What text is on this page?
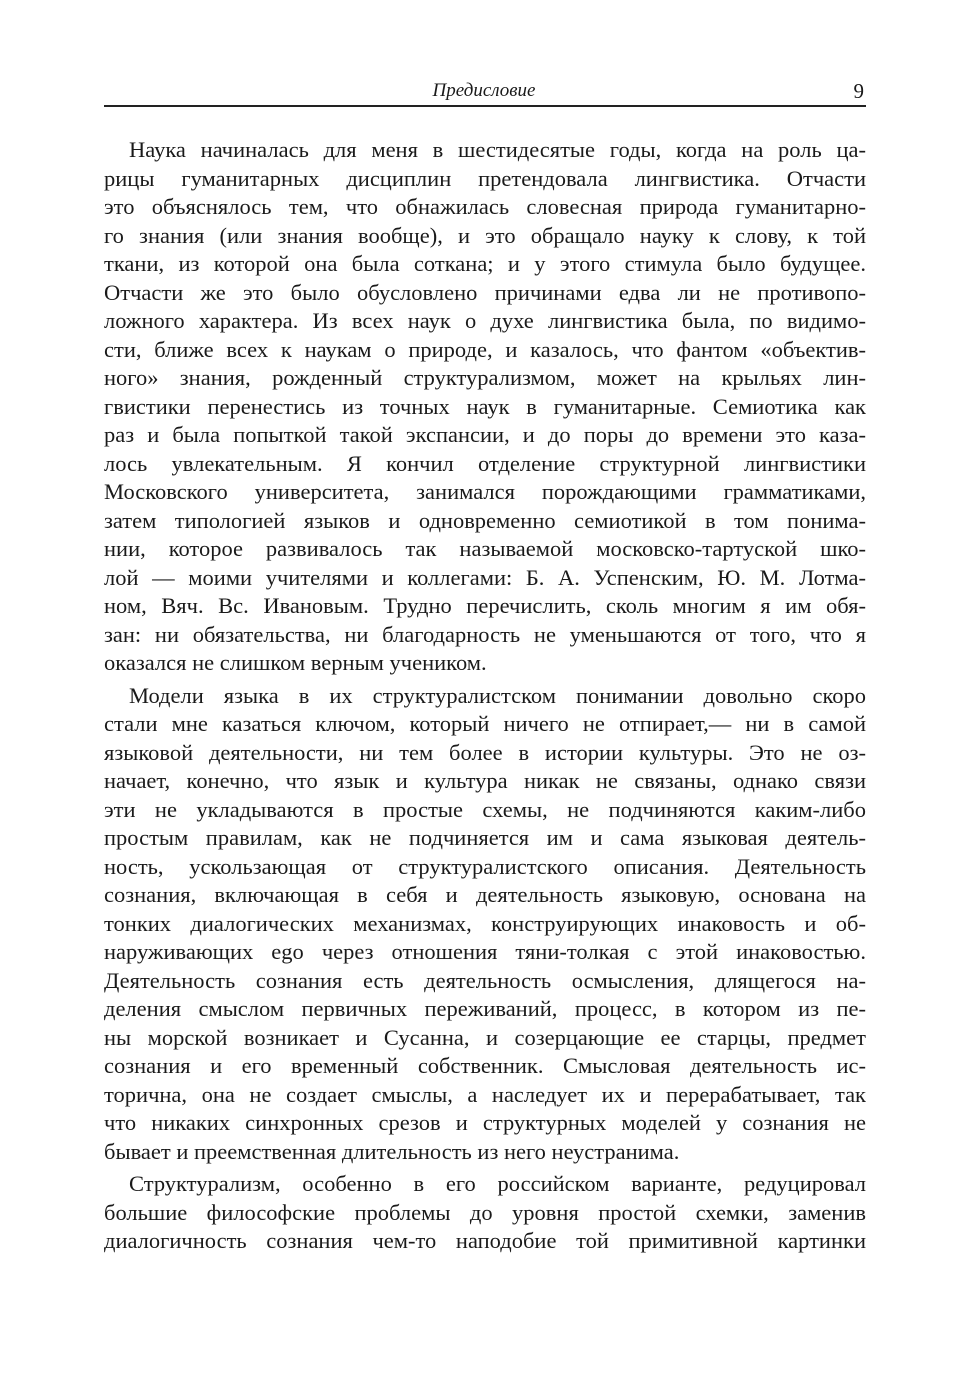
Предисловие	9
Наука начиналась для меня в шестидесятые годы, когда на роль ца-
рицы гуманитарных дисциплин претендовала лингвистика. Отчасти
это объяснялось тем, что обнажилась словесная природа гуманитарно-
го знания (или знания вообще), и это обращало науку к слову, к той
ткани, из которой она была соткана; и у этого стимула было будущее.
Отчасти же это было обусловлено причинами едва ли не противопо-
ложного характера. Из всех наук о духе лингвистика была, по видимо-
сти, ближе всех к наукам о природе, и казалось, что фантом «объектив-
ного» знания, рожденный структурализмом, может на крыльях лин-
гвистики перенестись из точных наук в гуманитарные. Семиотика как
раз и была попыткой такой экспансии, и до поры до времени это каза-
лось увлекательным. Я кончил отделение структурной лингвистики
Московского университета, занимался порождающими грамматиками,
затем типологией языков и одновременно семиотикой в том понима-
нии, которое развивалось так называемой московско-тартуской шко-
лой — моими учителями и коллегами: Б. А. Успенским, Ю. М. Лотма-
ном, Вяч. Вс. Ивановым. Трудно перечислить, сколь многим я им обя-
зан: ни обязательства, ни благодарность не уменьшаются от того, что я
оказался не слишком верным учеником.
Модели языка в их структуралистском понимании довольно скоро
стали мне казаться ключом, который ничего не отпирает,— ни в самой
языковой деятельности, ни тем более в истории культуры. Это не оз-
начает, конечно, что язык и культура никак не связаны, однако связи
эти не укладываются в простые схемы, не подчиняются каким-либо
простым правилам, как не подчиняется им и сама языковая деятель-
ность, ускользающая от структуралистского описания. Деятельность
сознания, включающая в себя и деятельность языковую, основана на
тонких диалогических механизмах, конструирующих инаковость и об-
наруживающих ego через отношения тяни-толкая с этой инаковостью.
Деятельность сознания есть деятельность осмысления, длящегося на-
деления смыслом первичных переживаний, процесс, в котором из пе-
ны морской возникает и Сусанна, и созерцающие ее старцы, предмет
сознания и его временный собственник. Смысловая деятельность ис-
торична, она не создает смыслы, а наследует их и перерабатывает, так
что никаких синхронных срезов и структурных моделей у сознания не
бывает и преемственная длительность из него неустранима.
Структурализм, особенно в его российском варианте, редуцировал
большие философские проблемы до уровня простой схемки, заменив
диалогичность сознания чем-то наподобие той примитивной картинки
